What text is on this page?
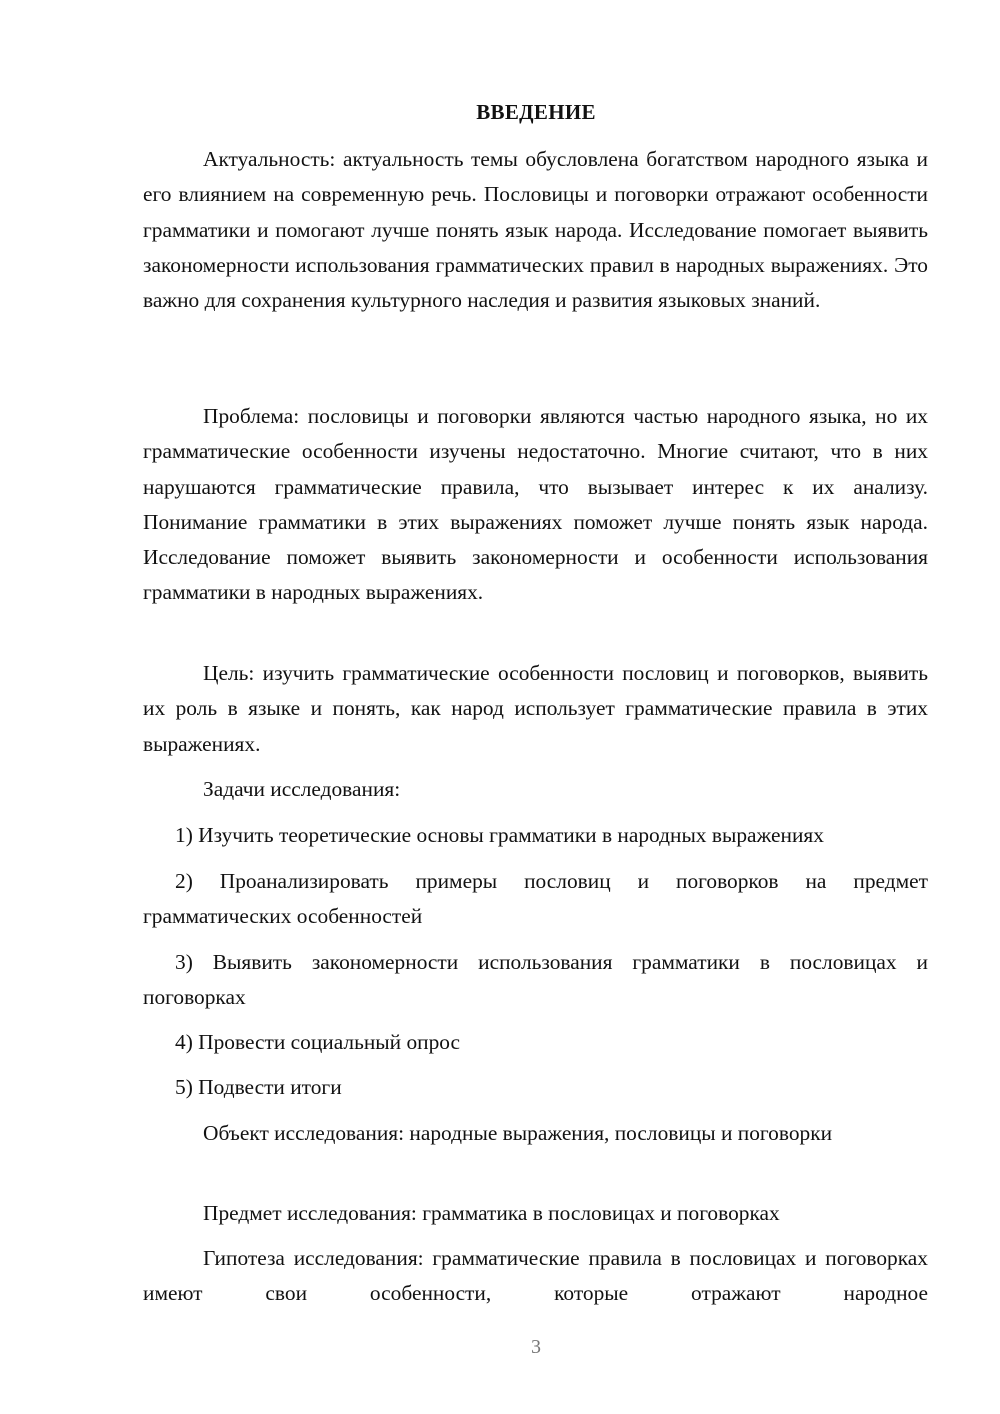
ВВЕДЕНИЕ

Актуальность: актуальность темы обусловлена богатством народного языка и его влиянием на современную речь. Пословицы и поговорки отражают особенности грамматики и помогают лучше понять язык народа. Исследование помогает выявить закономерности использования грамматических правил в народных выражениях. Это важно для сохранения культурного наследия и развития языковых знаний.

Проблема: пословицы и поговорки являются частью народного языка, но их грамматические особенности изучены недостаточно. Многие считают, что в них нарушаются грамматические правила, что вызывает интерес к их анализу. Понимание грамматики в этих выражениях поможет лучше понять язык народа. Исследование поможет выявить закономерности и особенности использования грамматики в народных выражениях.

Цель: изучить грамматические особенности пословиц и поговорков, выявить их роль в языке и понять, как народ использует грамматические правила в этих выражениях.

Задачи исследования:

1) Изучить теоретические основы грамматики в народных выражениях

2) Проанализировать примеры пословиц и поговорков на предмет грамматических особенностей

3) Выявить закономерности использования грамматики в пословицах и поговорках

4) Провести социальный опрос

5) Подвести итоги

Объект исследования: народные выражения, пословицы и поговорки

Предмет исследования: грамматика в пословицах и поговорках

Гипотеза исследования: грамматические правила в пословицах и поговорках имеют свои особенности, которые отражают народное

3
